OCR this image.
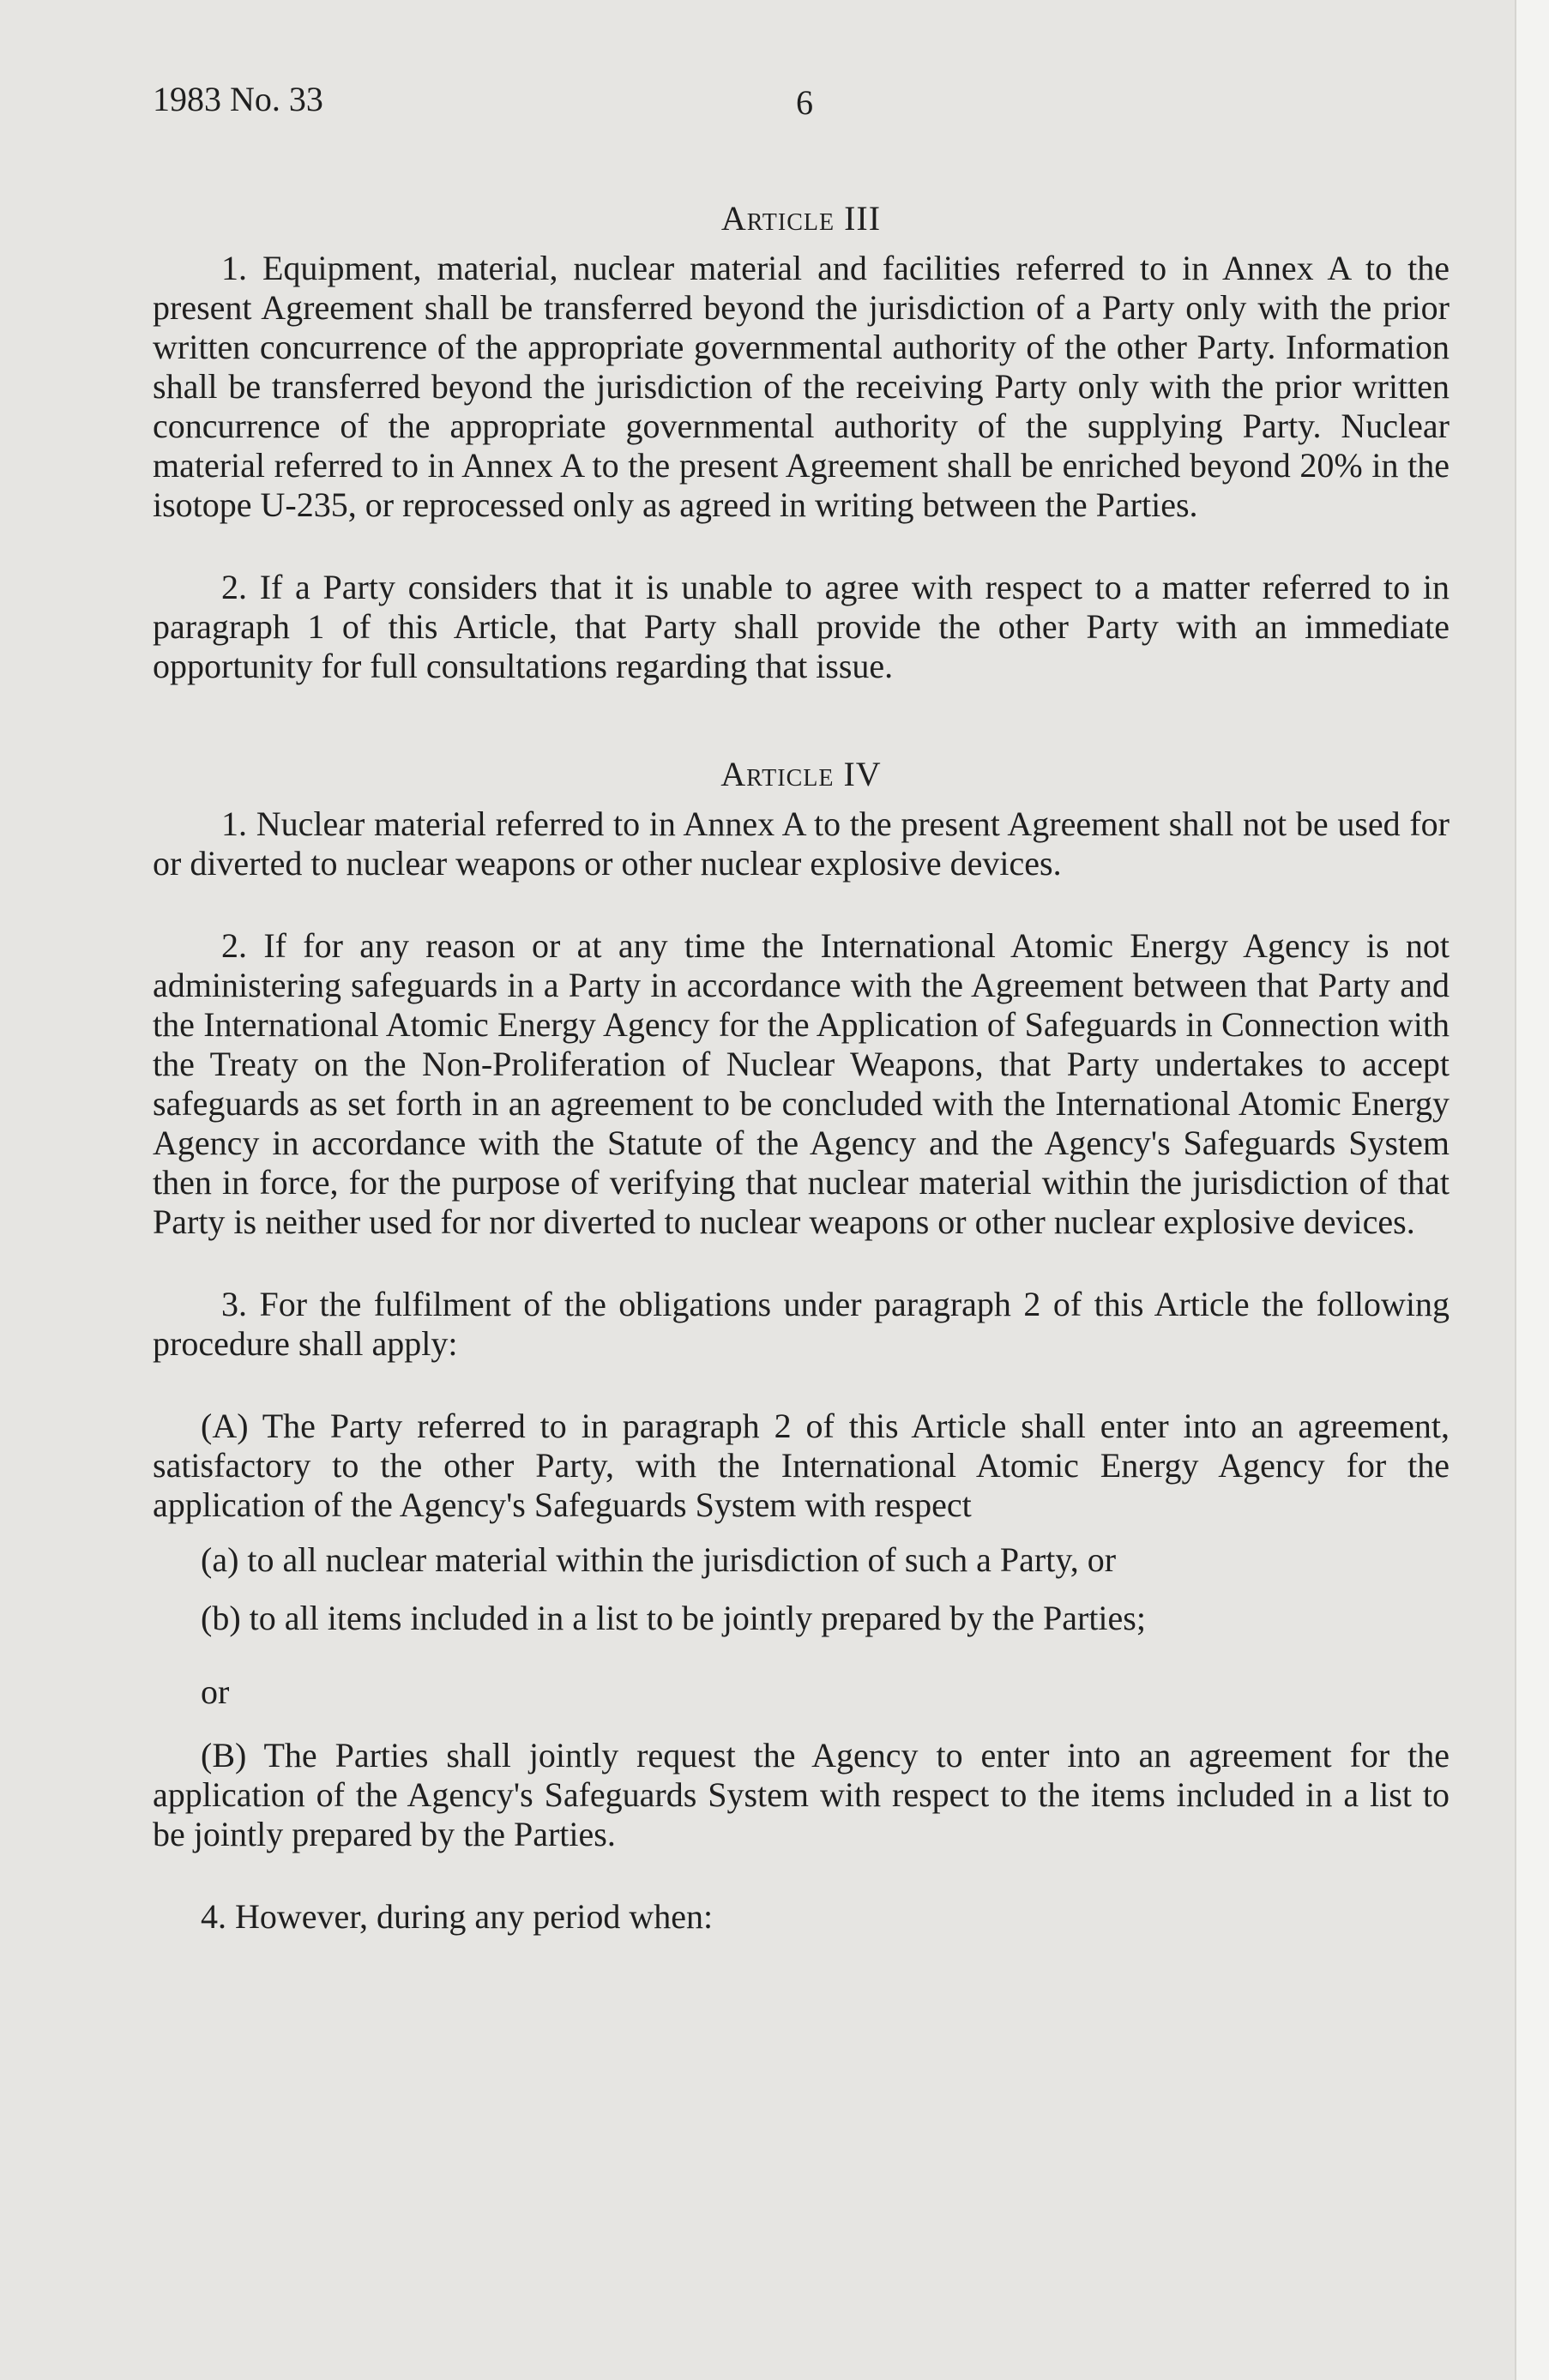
1983 No. 33	6
Article III

1. Equipment, material, nuclear material and facilities referred to in Annex A to the present Agreement shall be transferred beyond the jurisdiction of a Party only with the prior written concurrence of the appropriate governmental authority of the other Party. Information shall be transferred beyond the jurisdiction of the receiving Party only with the prior written concurrence of the appropriate governmental authority of the supplying Party. Nuclear material referred to in Annex A to the present Agreement shall be enriched beyond 20% in the isotope U-235, or reprocessed only as agreed in writing between the Parties.

2. If a Party considers that it is unable to agree with respect to a matter referred to in paragraph 1 of this Article, that Party shall provide the other Party with an immediate opportunity for full consultations regarding that issue.

Article IV

1. Nuclear material referred to in Annex A to the present Agreement shall not be used for or diverted to nuclear weapons or other nuclear explosive devices.

2. If for any reason or at any time the International Atomic Energy Agency is not administering safeguards in a Party in accordance with the Agreement between that Party and the International Atomic Energy Agency for the Application of Safeguards in Connection with the Treaty on the Non-Proliferation of Nuclear Weapons, that Party undertakes to accept safeguards as set forth in an agreement to be concluded with the International Atomic Energy Agency in accordance with the Statute of the Agency and the Agency's Safeguards System then in force, for the purpose of verifying that nuclear material within the jurisdiction of that Party is neither used for nor diverted to nuclear weapons or other nuclear explosive devices.

3. For the fulfilment of the obligations under paragraph 2 of this Article the following procedure shall apply:

(A) The Party referred to in paragraph 2 of this Article shall enter into an agreement, satisfactory to the other Party, with the International Atomic Energy Agency for the application of the Agency's Safeguards System with respect

(a) to all nuclear material within the jurisdiction of such a Party, or

(b) to all items included in a list to be jointly prepared by the Parties;

or

(B) The Parties shall jointly request the Agency to enter into an agreement for the application of the Agency's Safeguards System with respect to the items included in a list to be jointly prepared by the Parties.

4. However, during any period when:
